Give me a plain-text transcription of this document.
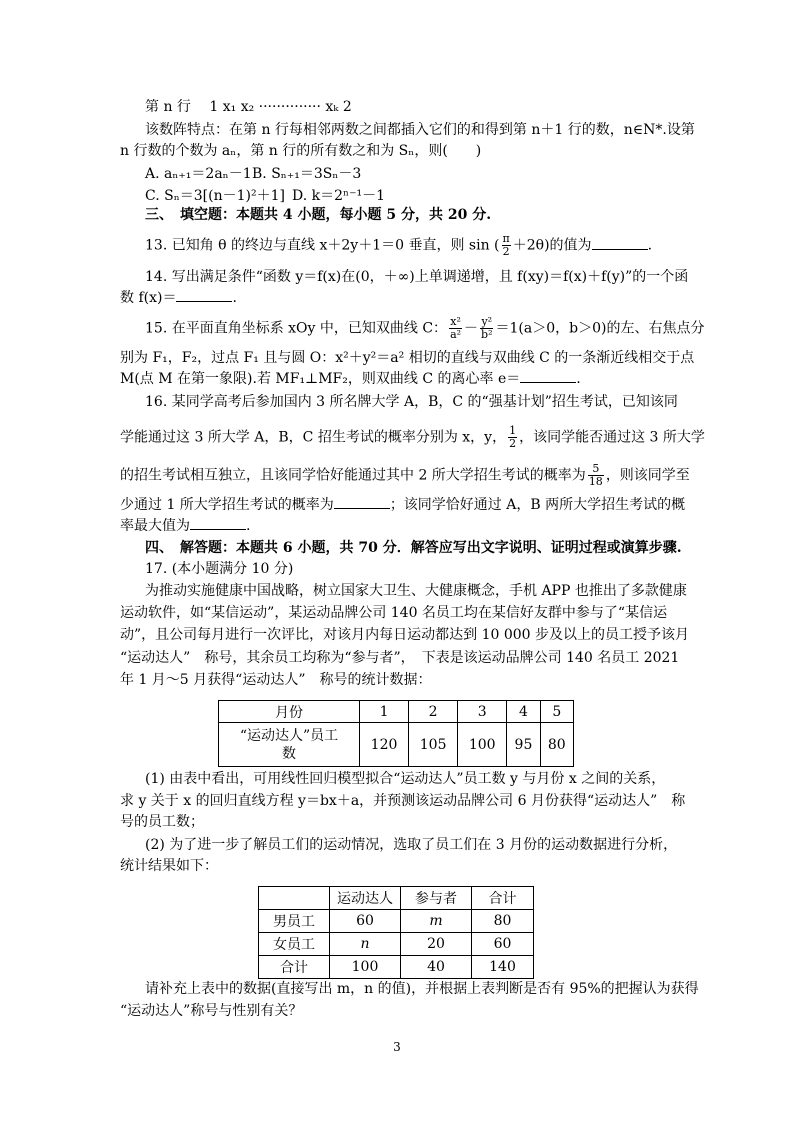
第 n 行 1 x₁ x₂ ·············· xₖ 2
该数阵特点：在第 n 行每相邻两数之间都插入它们的和得到第 n＋1 行的数，n∈N*.设第
n 行数的个数为 aₙ，第 n 行的所有数之和为 Sₙ，则(　　)
A. aₙ₊₁＝2aₙ－1 B. Sₙ₊₁＝3Sₙ－3
C. Sₙ＝3[(n－1)²＋1] D. k＝2ⁿ⁻¹－1
三、　填空题：本题共 4 小题，每小题 5 分，共 20 分.
13. 已知角 θ 的终边与直线 x＋2y＋1＝0 垂直，则 sin ( $\frac{\pi}{2} +2\theta$)的值为	.
14. 写出满足条件“函数 y＝f(x)在(0，＋∞)上单调递增，且 f(xy)＝f(x)＋f(y)”的一个函
数 f(x)＝	.
15. 在平面直角坐标系 xOy 中，已知双曲线 C： $\frac{\text{x²}}{\text{a²}} - \frac{\text{y²}}{\text{b²}} =1(a>0$，b＞0)的左、右焦点分
别为 F₁，F₂，过点 F₁ 且与圆 O：x²＋y²＝a² 相切的直线与双曲线 C 的一条渐近线相交于点
M(点 M 在第一象限).若 MF₁⊥MF₂，则双曲线 C 的离心率 e＝	.
16. 某同学高考后参加国内 3 所名牌大学 A，B，C 的“强基计划”招生考试，已知该同
学能通过这 3 所大学 A，B，C 招生考试的概率分别为 x，y， $\frac{1}{2}$ ，该同学能否通过这 3 所大学
的招生考试相互独立，且该同学恰好能通过其中 2 所大学招生考试的概率为 $\frac{5}{18}$ ，则该同学至
少通过 1 所大学招生考试的概率为	；该同学恰好通过 A，B 两所大学招生考试的概
率最大值为	.
四、　解答题：本题共 6 小题，共 70 分．解答应写出文字说明、证明过程或演算步骤.
17. (本小题满分 10 分)
为推动实施健康中国战略，树立国家大卫生、大健康概念，手机 APP 也推出了多款健康
运动软件，如“某信运动”，某运动品牌公司 140 名员工均在某信好友群中参与了“某信运
动”，且公司每月进行一次评比，对该月内每日运动都达到 10 000 步及以上的员工授予该月
“运动达人”　称号，其余员工均称为“参与者”，　下表是该运动品牌公司 140 名员工 2021
年 1 月～5 月获得“运动达人”　称号的统计数据：
月份	1	2	3	4	5

“运动达人”员工
数	120	105	100	95	80
(1) 由表中看出，可用线性回归模型拟合“运动达人”员工数 y 与月份 x 之间的关系，
求 y 关于 x 的回归直线方程 y＝bx＋a，并预测该运动品牌公司 6 月份获得“运动达人”　称
号的员工数；
(2) 为了进一步了解员工们的运动情况，选取了员工们在 3 月份的运动数据进行分析，
统计结果如下：
	运动达人	参与者	合计
男员工	60	m	80
女员工	n	20	60
合计	100	40	140
请补充上表中的数据(直接写出 m，n 的值)，并根据上表判断是否有 95%的把握认为获得
“运动达人”称号与性别有关？
3
